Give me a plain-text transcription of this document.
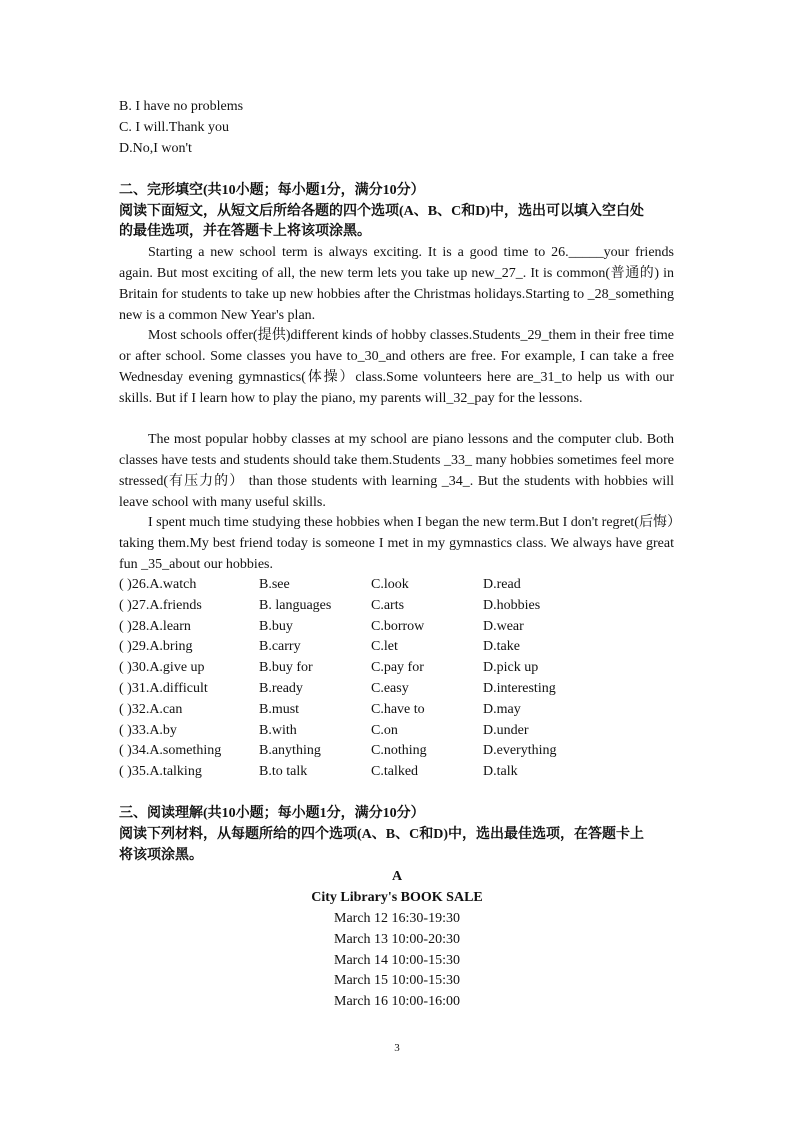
B. I have no problems
C. I will.Thank you
D.No,I won't
二、完形填空(共10小题；每小题1分，满分10分）
阅读下面短文，从短文后所给各题的四个选项(A、B、C和D)中，选出可以填入空白处
的最佳选项，并在答题卡上将该项涂黑。
Starting a new school term is always exciting. It is a good time to 26._____your friends again. But most exciting of all, the new term lets you take up new_27_. It is common(普通的) in Britain for students to take up new hobbies after the Christmas holidays.Starting to _28_something new is a common New Year's plan.
Most schools offer(提供)different kinds of hobby classes.Students_29_them in their free time or after school. Some classes you have to_30_and others are free. For example, I can take a free Wednesday evening gymnastics(体操）class.Some volunteers here are_31_to help us with our skills. But if I learn how to play the piano, my parents will_32_pay for the lessons.
The most popular hobby classes at my school are piano lessons and the computer club. Both classes have tests and students should take them.Students _33_ many hobbies sometimes feel more stressed(有压力的） than those students with learning _34_. But the students with hobbies will leave school with many useful skills.
I spent much time studying these hobbies when I began the new term.But I don't regret(后悔）taking them.My best friend today is someone I met in my gymnastics class. We always have great fun _35_about our hobbies.
( )26.A.watch	B.see	C.look	D.read
( )27.A.friends	B. languages	C.arts	D.hobbies
( )28.A.learn	B.buy	C.borrow	D.wear
( )29.A.bring	B.carry	C.let	D.take
( )30.A.give up	B.buy for	C.pay for	D.pick up
( )31.A.difficult	B.ready	C.easy	D.interesting
( )32.A.can	B.must	C.have to	D.may
( )33.A.by	B.with	C.on	D.under
( )34.A.something	B.anything	C.nothing	D.everything
( )35.A.talking	B.to talk	C.talked	D.talk
三、阅读理解(共10小题；每小题1分，满分10分）
阅读下列材料，从每题所给的四个选项(A、B、C和D)中，选出最佳选项，在答题卡上
将该项涂黑。
A
City Library's BOOK SALE
March 12 16:30-19:30
March 13 10:00-20:30
March 14 10:00-15:30
March 15 10:00-15:30
March 16 10:00-16:00
3
